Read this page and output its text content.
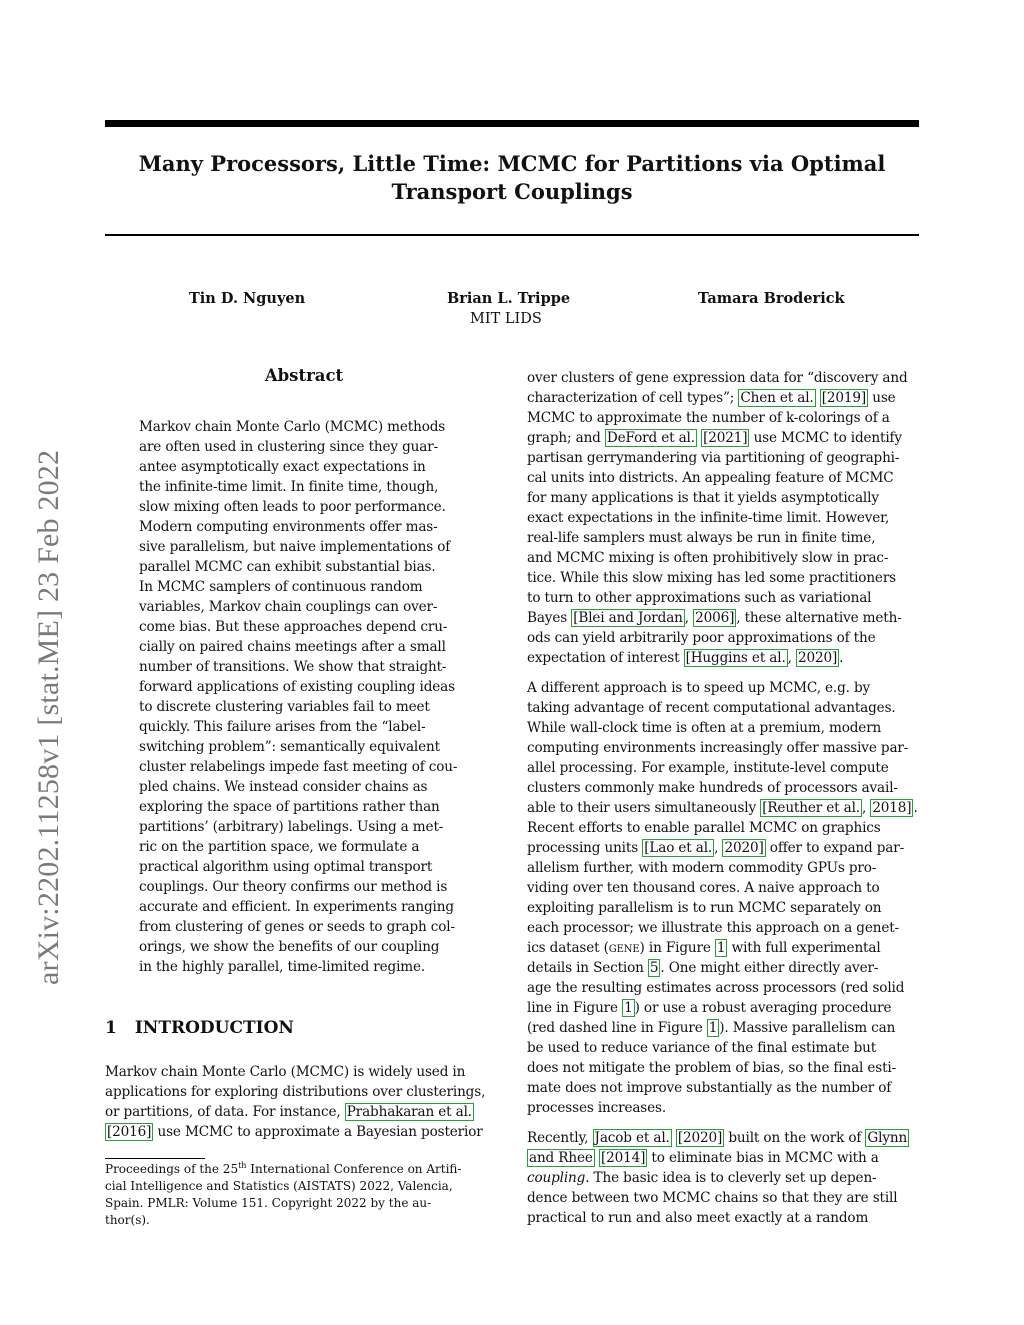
arXiv:2202.11258v1 [stat.ME] 23 Feb 2022
Many Processors, Little Time: MCMC for Partitions via Optimal
Transport Couplings
Tin D. Nguyen	Brian L. Trippe	Tamara Broderick
MIT LIDS
Abstract
Markov chain Monte Carlo (MCMC) methods
are often used in clustering since they guar-
antee asymptotically exact expectations in
the infinite-time limit. In finite time, though,
slow mixing often leads to poor performance.
Modern computing environments offer mas-
sive parallelism, but naive implementations of
parallel MCMC can exhibit substantial bias.
In MCMC samplers of continuous random
variables, Markov chain couplings can over-
come bias. But these approaches depend cru-
cially on paired chains meetings after a small
number of transitions. We show that straight-
forward applications of existing coupling ideas
to discrete clustering variables fail to meet
quickly. This failure arises from the “label-
switching problem”: semantically equivalent
cluster relabelings impede fast meeting of cou-
pled chains. We instead consider chains as
exploring the space of partitions rather than
partitions’ (arbitrary) labelings. Using a met-
ric on the partition space, we formulate a
practical algorithm using optimal transport
couplings. Our theory confirms our method is
accurate and efficient. In experiments ranging
from clustering of genes or seeds to graph col-
orings, we show the benefits of our coupling
in the highly parallel, time-limited regime.
1 INTRODUCTION
Markov chain Monte Carlo (MCMC) is widely used in
applications for exploring distributions over clusterings,
or partitions, of data. For instance, Prabhakaran et al.
[2016] use MCMC to approximate a Bayesian posterior
Proceedings of the 25th International Conference on Artifi-
cial Intelligence and Statistics (AISTATS) 2022, Valencia,
Spain. PMLR: Volume 151. Copyright 2022 by the au-
thor(s).
over clusters of gene expression data for “discovery and
characterization of cell types”; Chen et al. [2019] use
MCMC to approximate the number of k-colorings of a
graph; and DeFord et al. [2021] use MCMC to identify
partisan gerrymandering via partitioning of geographi-
cal units into districts. An appealing feature of MCMC
for many applications is that it yields asymptotically
exact expectations in the infinite-time limit. However,
real-life samplers must always be run in finite time,
and MCMC mixing is often prohibitively slow in prac-
tice. While this slow mixing has led some practitioners
to turn to other approximations such as variational
Bayes [Blei and Jordan , 2006] , these alternative meth-
ods can yield arbitrarily poor approximations of the
expectation of interest [Huggins et al. , 2020] .
A different approach is to speed up MCMC, e.g. by
taking advantage of recent computational advantages.
While wall-clock time is often at a premium, modern
computing environments increasingly offer massive par-
allel processing. For example, institute-level compute
clusters commonly make hundreds of processors avail-
able to their users simultaneously [Reuther et al. , 2018] .
Recent efforts to enable parallel MCMC on graphics
processing units [Lao et al. , 2020] offer to expand par-
allelism further, with modern commodity GPUs pro-
viding over ten thousand cores. A naive approach to
exploiting parallelism is to run MCMC separately on
each processor; we illustrate this approach on a genet-
ics dataset (gene) in Figure 1 with full experimental
details in Section 5 . One might either directly aver-
age the resulting estimates across processors (red solid
line in Figure 1 ) or use a robust averaging procedure
(red dashed line in Figure 1 ). Massive parallelism can
be used to reduce variance of the final estimate but
does not mitigate the problem of bias, so the final esti-
mate does not improve substantially as the number of
processes increases.
Recently, Jacob et al. [2020] built on the work of Glynn
and Rhee [2014] to eliminate bias in MCMC with a
coupling. The basic idea is to cleverly set up depen-
dence between two MCMC chains so that they are still
practical to run and also meet exactly at a random
